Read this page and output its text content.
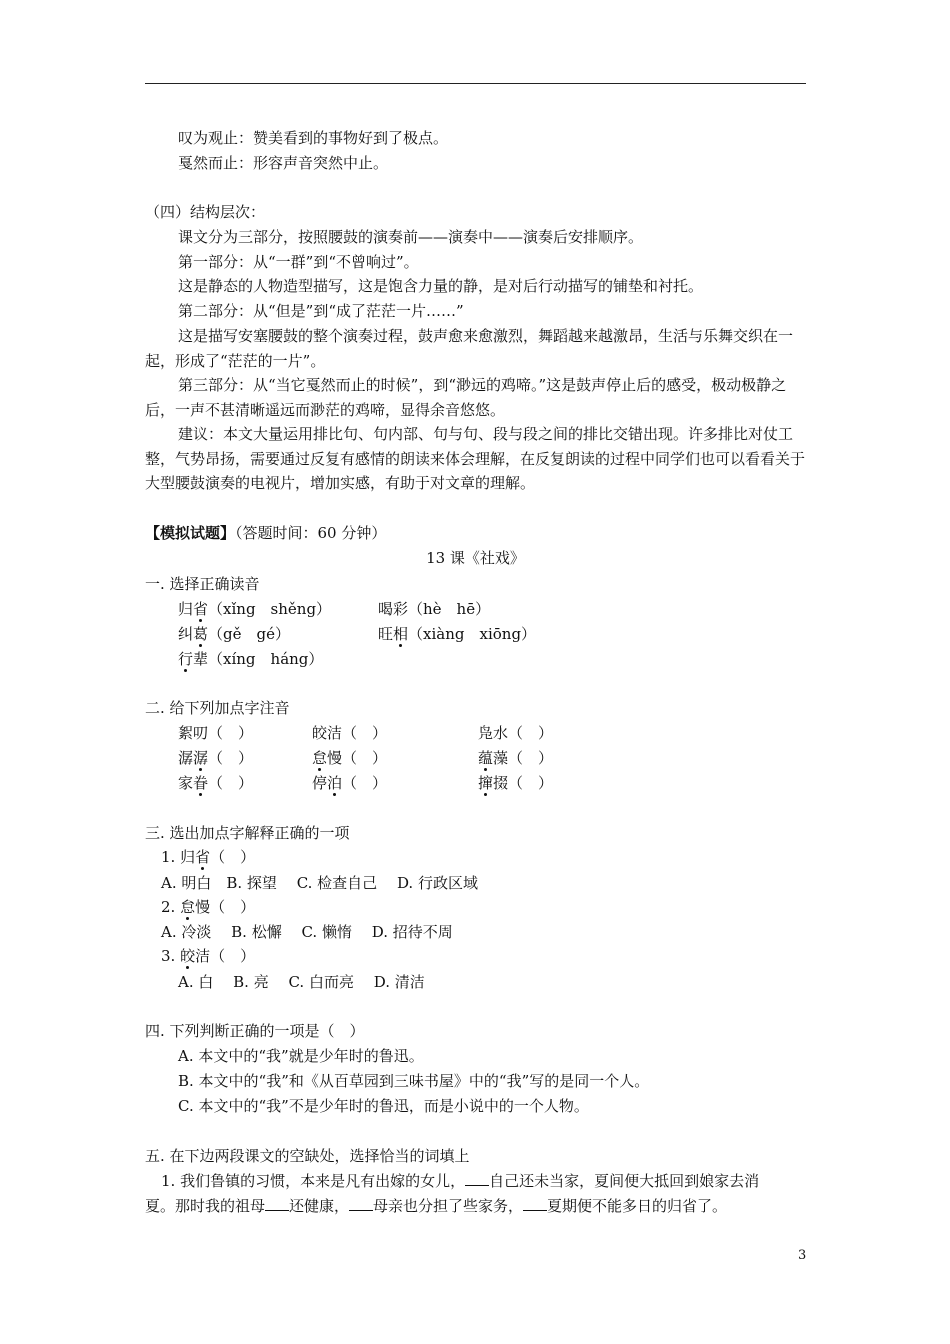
叹为观止：赞美看到的事物好到了极点。
戛然而止：形容声音突然中止。
（四）结构层次：
课文分为三部分，按照腰鼓的演奏前——演奏中——演奏后安排顺序。
第一部分：从“一群”到“不曾响过”。
这是静态的人物造型描写，这是饱含力量的静，是对后行动描写的铺垫和衬托。
第二部分：从“但是”到“成了茫茫一片……”
这是描写安塞腰鼓的整个演奏过程，鼓声愈来愈激烈，舞蹈越来越激昂，生活与乐舞交织在一起，形成了“茫茫的一片”。
第三部分：从“当它戛然而止的时候”，到“渺远的鸡啼。”这是鼓声停止后的感受，极动极静之后，一声不甚清晰遥远而渺茫的鸡啼，显得余音悠悠。
建议：本文大量运用排比句、句内部、句与句、段与段之间的排比交错出现。许多排比对仗工整，气势昂扬，需要通过反复有感情的朗读来体会理解，在反复朗读的过程中同学们也可以看看关于大型腰鼓演奏的电视片，增加实感，有助于对文章的理解。
【模拟试题】（答题时间：60 分钟）
13 课《社戏》
一. 选择正确读音
归省（xǐng　shěng）	喝彩（hè　hē）
纠葛（gě　gé）	旺相（xiàng　xiōng）
行辈（xíng　háng）
二. 给下列加点字注音
絮叨（　）	皎洁（　）	凫水（　）
潺潺（　）	怠慢（　）	蕴藻（　）
家眷（　）	停泊（　）	撺掇（　）
三. 选出加点字解释正确的一项
1. 归省（　）
A. 明白　B. 探望　 C. 检查自己　 D. 行政区域
2. 怠慢（　）
A. 冷淡　 B. 松懈　 C. 懒惰　 D. 招待不周
3. 皎洁（　）
A. 白　 B. 亮　 C. 白而亮　 D. 清洁
四. 下列判断正确的一项是（　）
A. 本文中的“我”就是少年时的鲁迅。
B. 本文中的“我”和《从百草园到三味书屋》中的“我”写的是同一个人。
C. 本文中的“我”不是少年时的鲁迅，而是小说中的一个人物。
五. 在下边两段课文的空缺处，选择恰当的词填上
1. 我们鲁镇的习惯，本来是凡有出嫁的女儿， 自己还未当家，夏间便大抵回到娘家去消
夏。那时我的祖母 还健康， 母亲也分担了些家务， 夏期便不能多日的归省了。
3
